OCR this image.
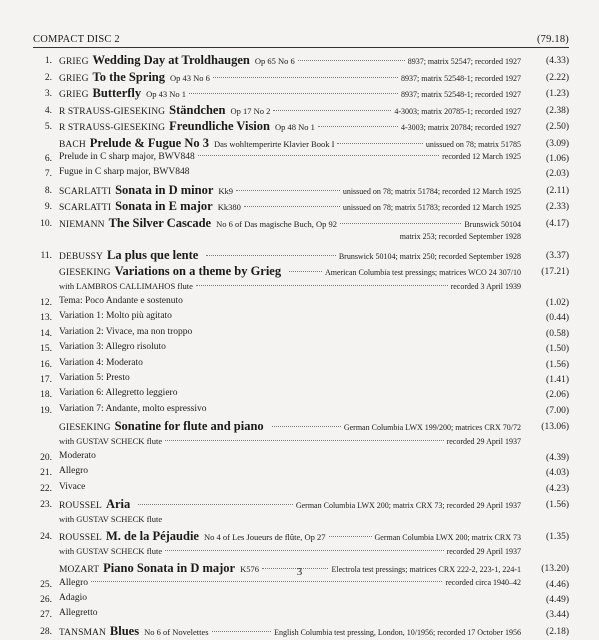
COMPACT DISC 2	(79.18)
1. GRIEG Wedding Day at Troldhaugen Op 65 No 6	8937; matrix 52547; recorded 1927	(4.33)
2. GRIEG To the Spring Op 43 No 6	8937; matrix 52548-1; recorded 1927	(2.22)
3. GRIEG Butterfly Op 43 No 1	8937; matrix 52548-1; recorded 1927	(1.23)
4. R STRAUSS-GIESEKING Ständchen Op 17 No 2	4-3003; matrix 20785-1; recorded 1927	(2.38)
5. R STRAUSS-GIESEKING Freundliche Vision Op 48 No 1	4-3003; matrix 20784; recorded 1927	(2.50)
BACH Prelude & Fugue No 3 Das wohltemperirte Klavier Book I	unissued on 78; matrix 51785	(3.09)
6. Prelude in C sharp major, BWV848	recorded 12 March 1925	(1.06)
7. Fugue in C sharp major, BWV848	(2.03)
8. SCARLATTI Sonata in D minor Kk9	unissued on 78; matrix 51784; recorded 12 March 1925	(2.11)
9. SCARLATTI Sonata in E major Kk380	unissued on 78; matrix 51783; recorded 12 March 1925	(2.33)
10. NIEMANN The Silver Cascade No 6 of Das magische Buch, Op 92	Brunswick 50104	(4.17)
matrix 253; recorded September 1928
11. DEBUSSY La plus que lente	Brunswick 50104; matrix 250; recorded September 1928	(3.37)
GIESEKING Variations on a theme by Grieg	American Columbia test pressings; matrices WCO 24 307/10 (17.21)
with LAMBROS CALLIMAHOS flute	recorded 3 April 1939
12. Tema: Poco Andante e sostenuto	(1.02)
13. Variation 1: Molto più agitato	(0.44)
14. Variation 2: Vivace, ma non troppo	(0.58)
15. Variation 3: Allegro risoluto	(1.50)
16. Variation 4: Moderato	(1.56)
17. Variation 5: Presto	(1.41)
18. Variation 6: Allegretto leggiero	(2.06)
19. Variation 7: Andante, molto espressivo	(7.00)
GIESEKING Sonatine for flute and piano	German Columbia LWX 199/200; matrices CRX 70/72 (13.06)
with GUSTAV SCHECK flute	recorded 29 April 1937
20. Moderato	(4.39)
21. Allegro	(4.03)
22. Vivace	(4.23)
23. ROUSSEL Aria	German Columbia LWX 200; matrix CRX 73; recorded 29 April 1937	(1.56)
with GUSTAV SCHECK flute
24. ROUSSEL M. de la Péjaudie No 4 of Les Joueurs de flûte, Op 27	German Columbia LWX 200; matrix CRX 73	(1.35)
with GUSTAV SCHECK flute	recorded 29 April 1937
MOZART Piano Sonata in D major K576	Electrola test pressings; matrices CRX 222-2, 223-1, 224-1 (13.20)
25. Allegro	recorded circa 1940–42	(4.46)
26. Adagio	(4.49)
27. Allegretto	(3.44)
28. TANSMAN Blues No 6 of Novelettes	English Columbia test pressing, London, 10/1956; recorded 17 October 1956	(2.18)
3
